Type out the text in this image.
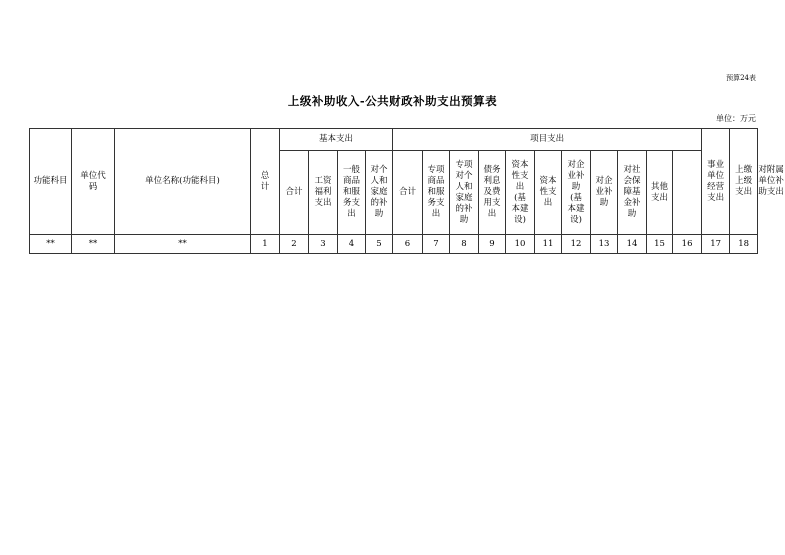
预算24表
上级补助收入-公共财政补助支出预算表
单位：万元
功能科目	单位代码	单位名称(功能科目)	总计	基本支出				项目支出											事业单位经营支出	上缴上级支出	对附属单位补助支出

				合计	工资福利支出	一般商品和服务支出	对个人和家庭的补助	合计	专项商品和服务支出	专项对个人和家庭的补助	债务利息及费用支出	资本性支出(基本建设)	资本性支出	对企业补助(基本建设)	对企业补助	对社会保障基金补助	其他支出				

**	**	**	1	2	3	4	5	6	7	8	9	10	11	12	13	14	15	16	17	18	
